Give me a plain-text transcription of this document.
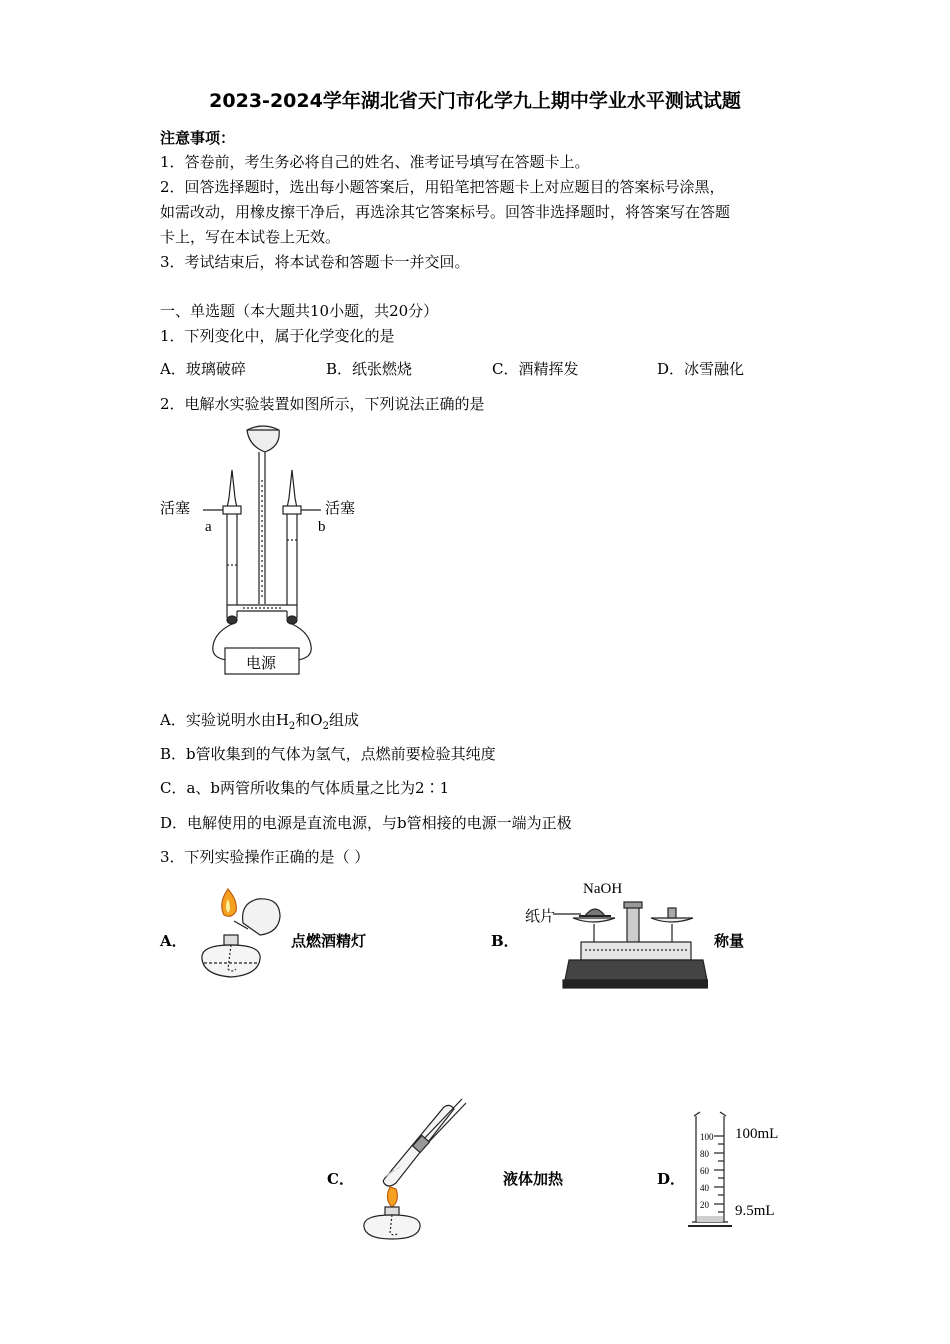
2023-2024学年湖北省天门市化学九上期中学业水平测试试题
注意事项：
1．答卷前，考生务必将自己的姓名、准考证号填写在答题卡上。
2．回答选择题时，选出每小题答案后，用铅笔把答题卡上对应题目的答案标号涂黑，
如需改动，用橡皮擦干净后，再选涂其它答案标号。回答非选择题时，将答案写在答题
卡上，写在本试卷上无效。
3．考试结束后，将本试卷和答题卡一并交回。
一、单选题（本大题共10小题，共20分）
1．下列变化中，属于化学变化的是
A．玻璃破碎	B．纸张燃烧	C．酒精挥发	D．冰雪融化
2．电解水实验装置如图所示，下列说法正确的是
活塞	活塞
a	b
电源
A．实验说明水由$H_2$和$O_2$组成
B．b管收集到的气体为氢气，点燃前要检验其纯度
C．a、b两管所收集的气体质量之比为2∶1
D．电解使用的电源是直流电源，与b管相接的电源一端为正极
3．下列实验操作正确的是（ ）
A．	点燃酒精灯	B．
NaOH
纸片
称量
C．	液体加热	D．
100
80
60
40
20
100mL
9.5mL
